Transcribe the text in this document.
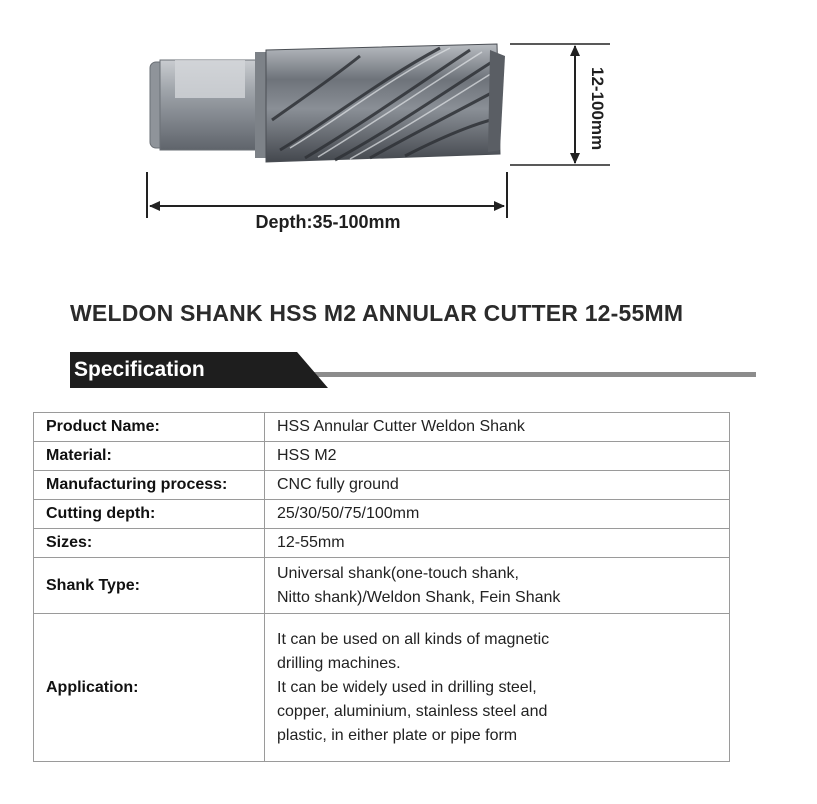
Depth:35-100mm
12-100mm
WELDON SHANK HSS M2 ANNULAR CUTTER 12-55MM
Specification
Product Name:	HSS Annular Cutter Weldon Shank

Material:	HSS M2

Manufacturing process:	CNC fully ground

Cutting depth:	25/30/50/75/100mm

Sizes:	12-55mm

Shank Type:	Universal shank(one-touch shank,
Nitto shank)/Weldon Shank, Fein Shank

Application:	It can be used on all kinds of magnetic
drilling machines.
It can be widely used in drilling steel,
copper, aluminium, stainless steel and
plastic, in either plate or pipe form
